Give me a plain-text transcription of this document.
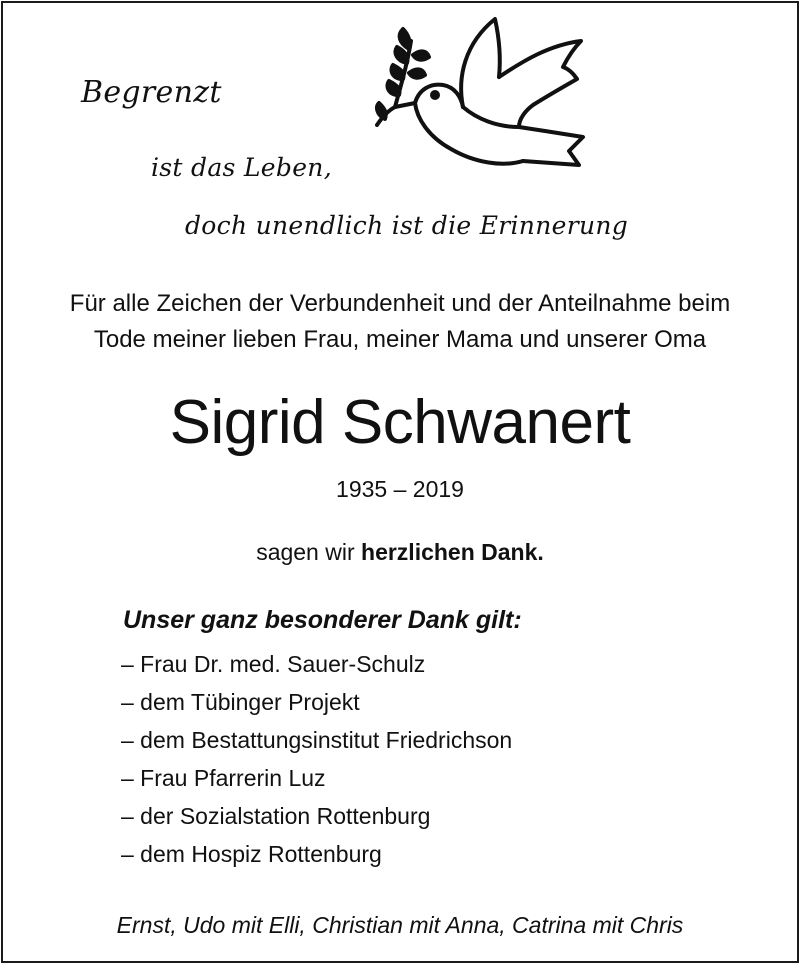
Begrenzt
ist das Leben,
doch unendlich ist die Erinnerung
Für alle Zeichen der Verbundenheit und der Anteilnahme beim
Tode meiner lieben Frau, meiner Mama und unserer Oma
Sigrid Schwanert
1935 – 2019
sagen wir herzlichen Dank.
Unser ganz besonderer Dank gilt:
– Frau Dr. med. Sauer-Schulz
– dem Tübinger Projekt
– dem Bestattungsinstitut Friedrichson
– Frau Pfarrerin Luz
– der Sozialstation Rottenburg
– dem Hospiz Rottenburg
Ernst, Udo mit Elli, Christian mit Anna, Catrina mit Chris
